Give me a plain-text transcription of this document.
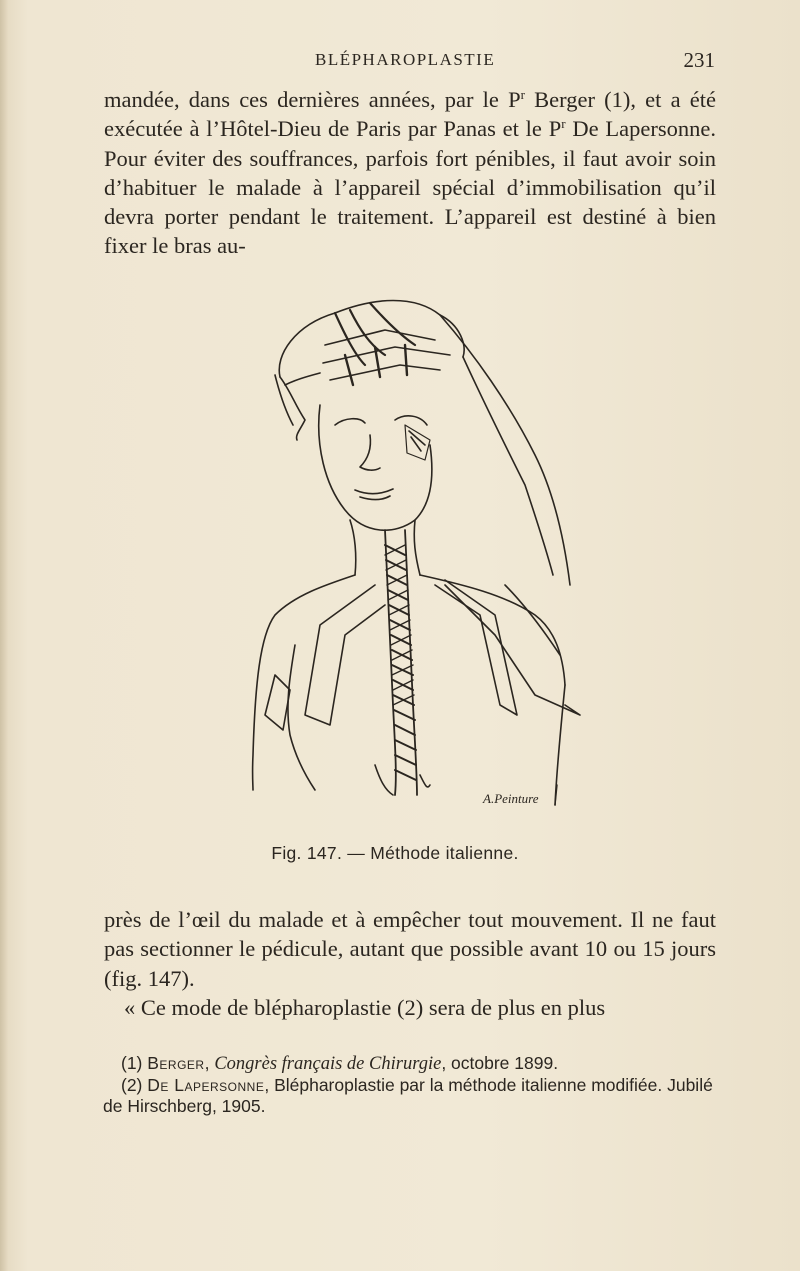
BLÉPHAROPLASTIE	231

mandée, dans ces dernières années, par le $P^r$ Berger (1), et a été exécutée à l’Hôtel-Dieu de Paris par Panas et le $P^r$ De Lapersonne. Pour éviter des souffrances, parfois fort pénibles, il faut avoir soin d’habituer le malade à l’appareil spécial d’immobilisation qu’il devra porter pendant le traitement. L’appareil est destiné à bien fixer le bras au-

A.Peinture
Fig. 147. — Méthode italienne.

près de l’œil du malade et à empêcher tout mouvement. Il ne faut pas sectionner le pédicule, autant que possible avant 10 ou 15 jours (fig. 147).

« Ce mode de blépharoplastie (2) sera de plus en plus

(1) Berger, Congrès français de Chirurgie, octobre 1899.

(2) De Lapersonne, Blépharoplastie par la méthode italienne modifiée. Jubilé de Hirschberg, 1905.
